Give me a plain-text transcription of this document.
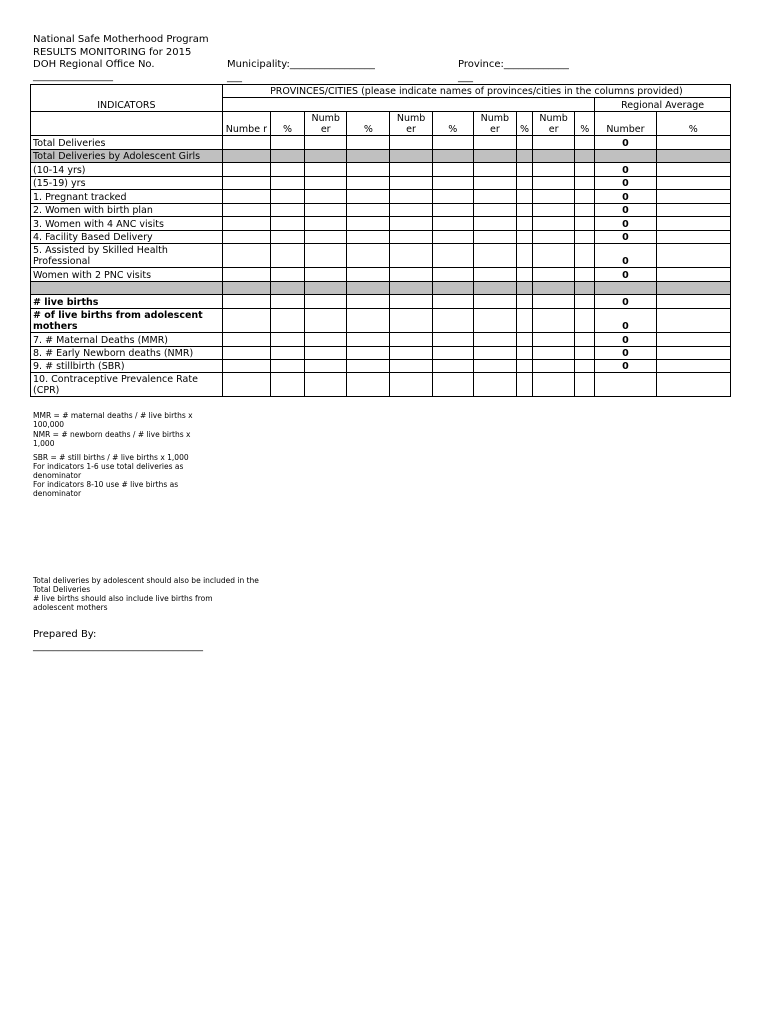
National Safe Motherhood Program
RESULTS MONITORING for 2015
DOH Regional Office No.
________________
Municipality:_________________
___
Province:_____________
___
INDICATORS	PROVINCES/CITIES (please indicate names of provinces/cities in the columns provided)											
											Regional Average	
	Numbe r	%	Numb er	%	Numb er	%	Numb er	%	Numb er	%	Number	%
Total Deliveries											0	
Total Deliveries by Adolescent Girls												
(10-14 yrs)											0	
(15-19) yrs											0	
1. Pregnant tracked											0	
2. Women with birth plan											0	
3. Women with 4 ANC visits											0	
4. Facility Based Delivery											0	
5. Assisted by Skilled Health Professional											0	
Women with 2 PNC visits											0	

# live births											0	
# of live births from adolescent mothers											0	
7. # Maternal Deaths (MMR)											0	
8. # Early Newborn deaths (NMR)											0	
9. # stillbirth (SBR)											0	
10. Contraceptive Prevalence Rate (CPR)												
MMR = # maternal deaths / # live births x
100,000
NMR = # newborn deaths / # live births x
1,000
SBR = # still births / # live births x 1,000
For indicators 1-6 use total deliveries as
denominator
For indicators 8-10 use # live births as
denominator
Total deliveries by adolescent should also be included in the
Total Deliveries
# live births should also include live births from
adolescent mothers
Prepared By:
__________________________________
